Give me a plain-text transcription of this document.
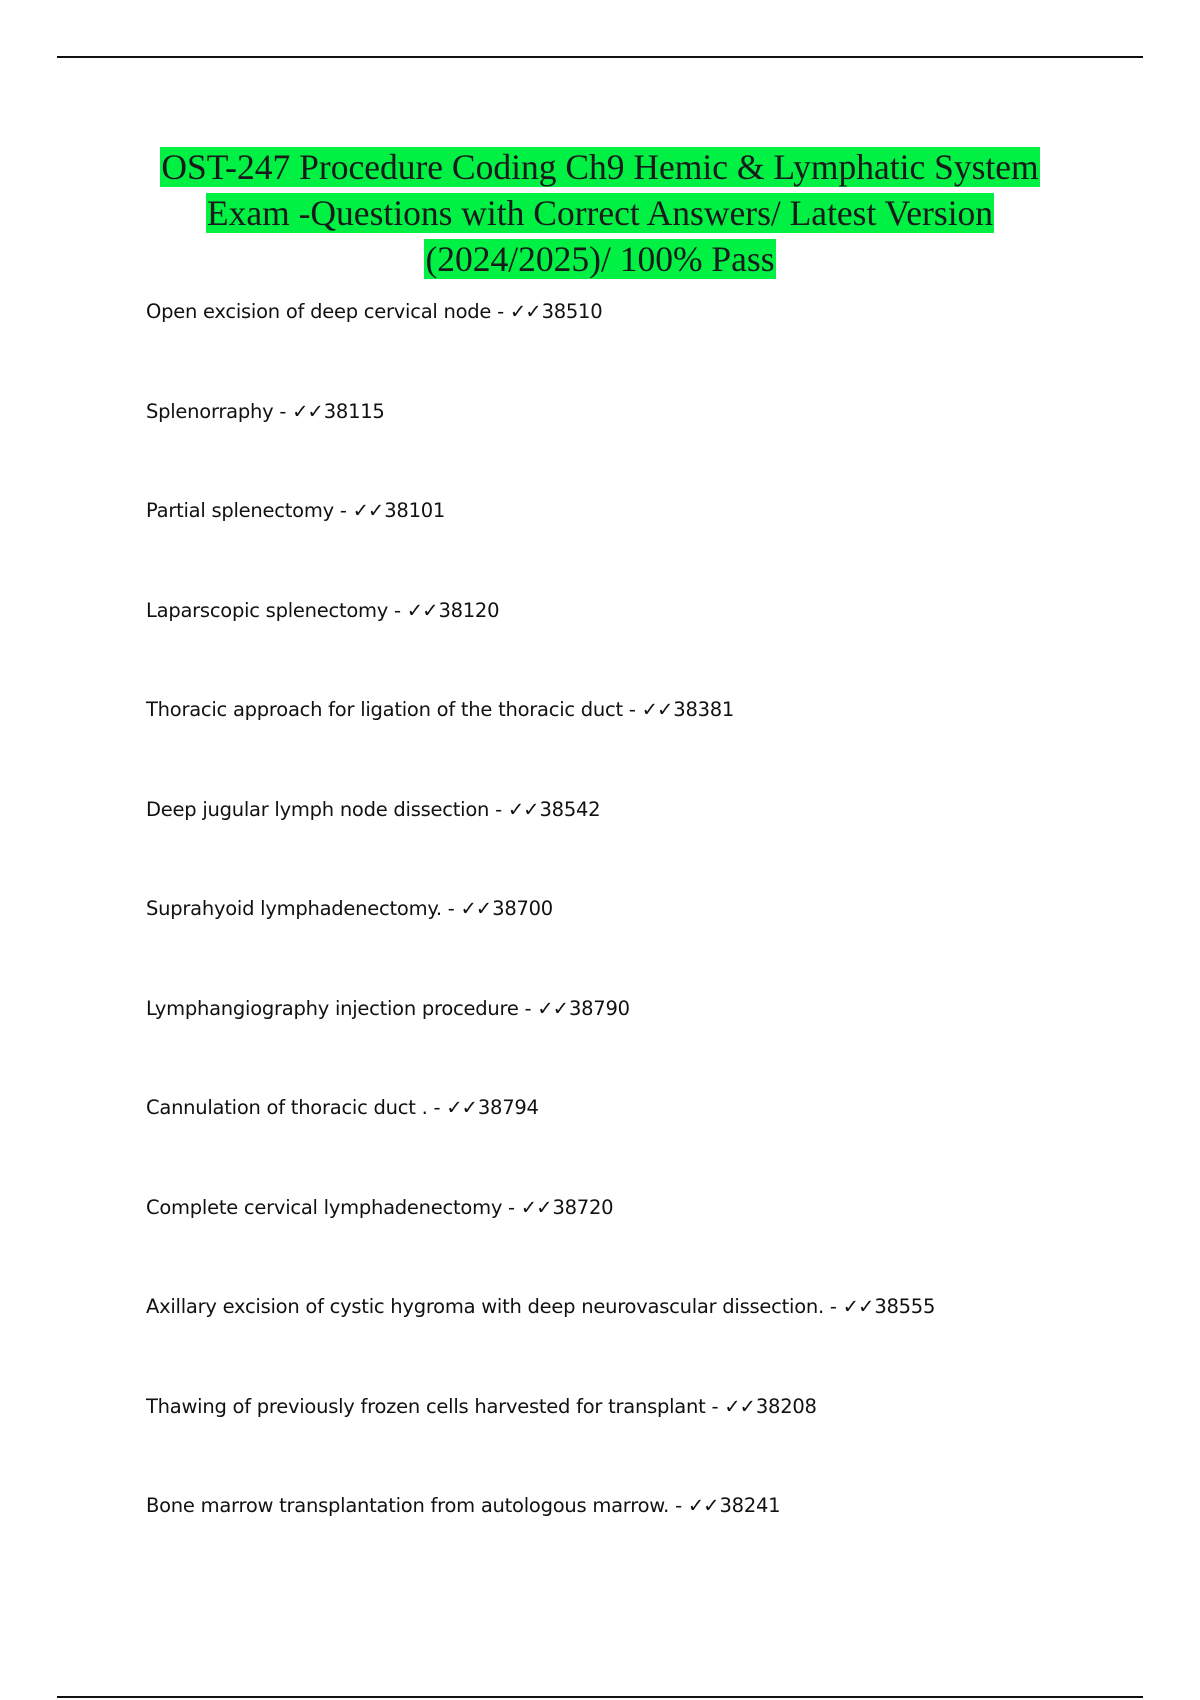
OST-247 Procedure Coding Ch9 Hemic & Lymphatic System
Exam -Questions with Correct Answers/ Latest Version
(2024/2025)/ 100% Pass
Open excision of deep cervical node - ✓✓38510
Splenorraphy - ✓✓38115
Partial splenectomy - ✓✓38101
Laparscopic splenectomy - ✓✓38120
Thoracic approach for ligation of the thoracic duct - ✓✓38381
Deep jugular lymph node dissection - ✓✓38542
Suprahyoid lymphadenectomy. - ✓✓38700
Lymphangiography injection procedure - ✓✓38790
Cannulation of thoracic duct . - ✓✓38794
Complete cervical lymphadenectomy - ✓✓38720
Axillary excision of cystic hygroma with deep neurovascular dissection. - ✓✓38555
Thawing of previously frozen cells harvested for transplant - ✓✓38208
Bone marrow transplantation from autologous marrow. - ✓✓38241
